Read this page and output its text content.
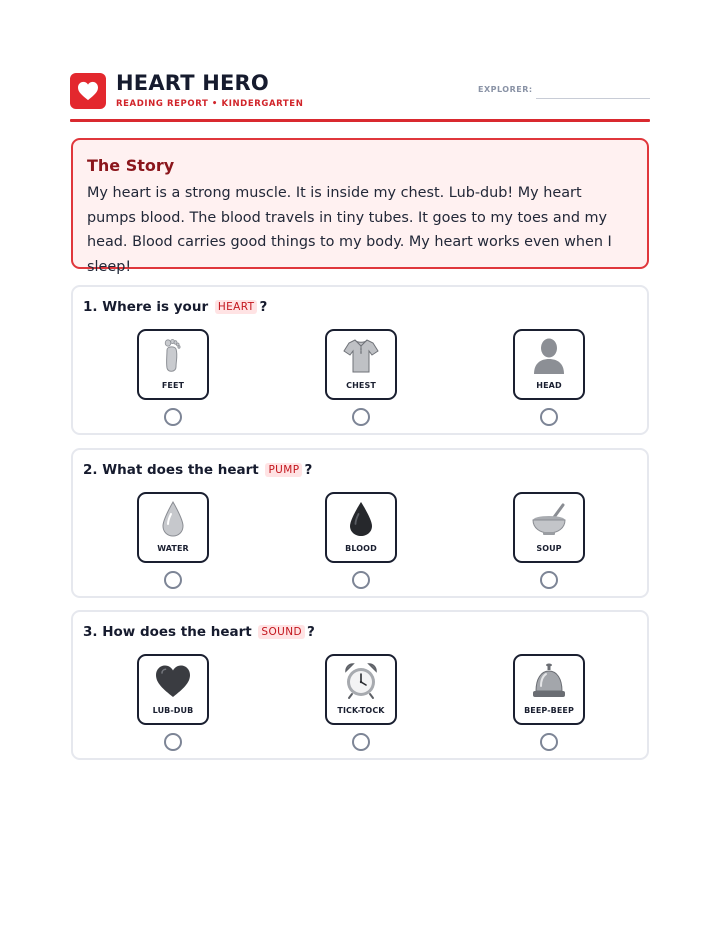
HEART HERO
READING REPORT • KINDERGARTEN
EXPLORER:
The Story
My heart is a strong muscle. It is inside my chest. Lub-dub! My heart pumps blood. The blood travels in tiny tubes. It goes to my toes and my head. Blood carries good things to my body. My heart works even when I sleep!
1. Where is your HEART ?
FEET	CHEST	HEAD
2. What does the heart PUMP ?
WATER	BLOOD	SOUP
3. How does the heart SOUND ?
LUB-DUB	TICK-TOCK	BEEP-BEEP
